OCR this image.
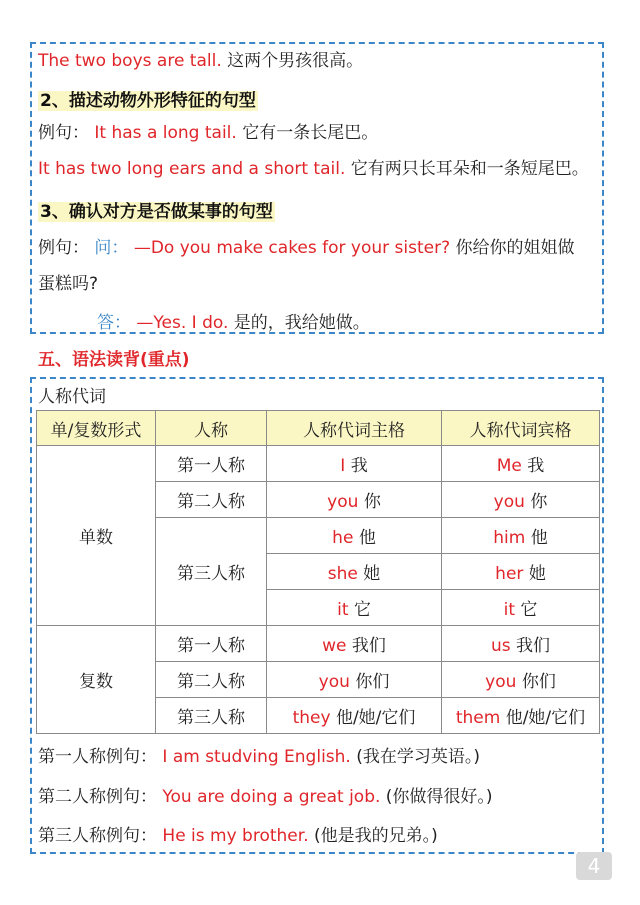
The two boys are tall. 这两个男孩很高。
2、描述动物外形特征的句型
例句： It has a long tail. 它有一条长尾巴。
It has two long ears and a short tail. 它有两只长耳朵和一条短尾巴。
3、确认对方是否做某事的句型
例句： 问： —Do you make cakes for your sister? 你给你的姐姐做
蛋糕吗?
答： —Yes. I do. 是的，我给她做。
五、语法读背(重点)
人称代词
单/复数形式	人称	人称代词主格	人称代词宾格
单数	第一人称	I 我	Me 我
	第二人称	you 你	you 你
	第三人称	he 他	him 他
		she 她	her 她
		it 它	it 它
复数	第一人称	we 我们	us 我们
	第二人称	you 你们	you 你们
	第三人称	they 他/她/它们	them 他/她/它们
第一人称例句： I am studving English. (我在学习英语。)
第二人称例句： You are doing a great job. (你做得很好。)
第三人称例句： He is my brother. (他是我的兄弟。)
4
